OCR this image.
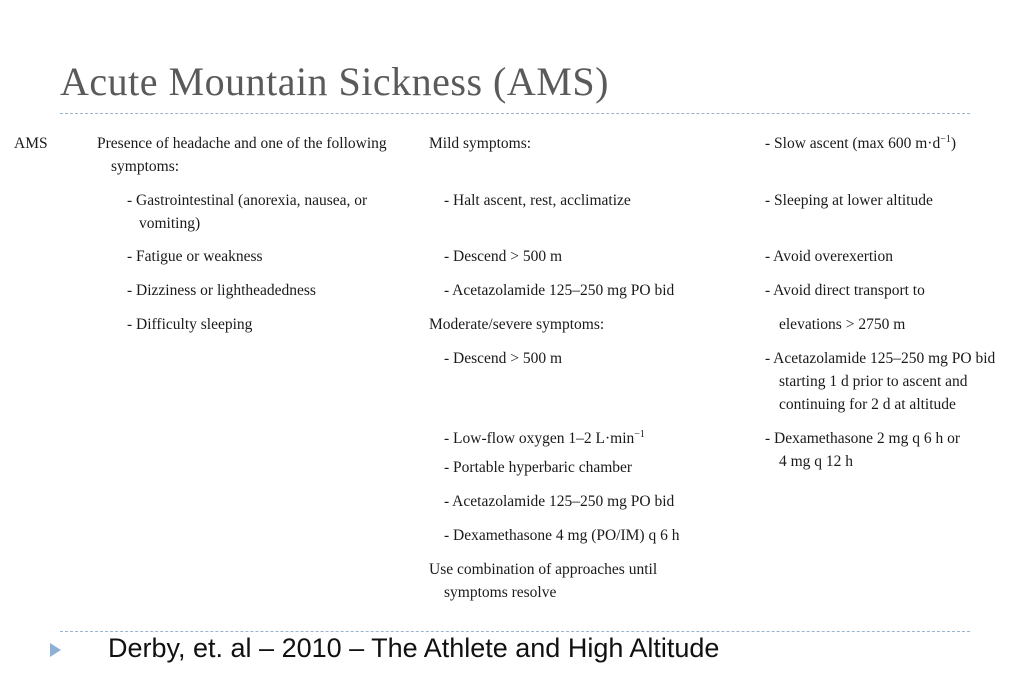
Acute Mountain Sickness (AMS)
AMS	Presence of headache and one of the following
symptoms:
- Gastrointestinal (anorexia, nausea, or
vomiting)
- Fatigue or weakness
- Dizziness or lightheadedness
- Difficulty sleeping
Mild symptoms:
- Halt ascent, rest, acclimatize
- Descend > 500 m
- Acetazolamide 125–250 mg PO bid
Moderate/severe symptoms:
- Descend > 500 m
- Low-flow oxygen 1–2 $L\cdot\min^{-1}$
- Portable hyperbaric chamber
- Acetazolamide 125–250 mg PO bid
- Dexamethasone 4 mg (PO/IM) q 6 h
Use combination of approaches until
symptoms resolve
- Slow ascent (max 600 $m\cdot d^{-1}$)
- Sleeping at lower altitude
- Avoid overexertion
- Avoid direct transport to
elevations > 2750 m
- Acetazolamide 125–250 mg PO bid
starting 1 d prior to ascent and
continuing for 2 d at altitude
- Dexamethasone 2 mg q 6 h or
4 mg q 12 h
Derby, et. al – 2010 – The Athlete and High Altitude
